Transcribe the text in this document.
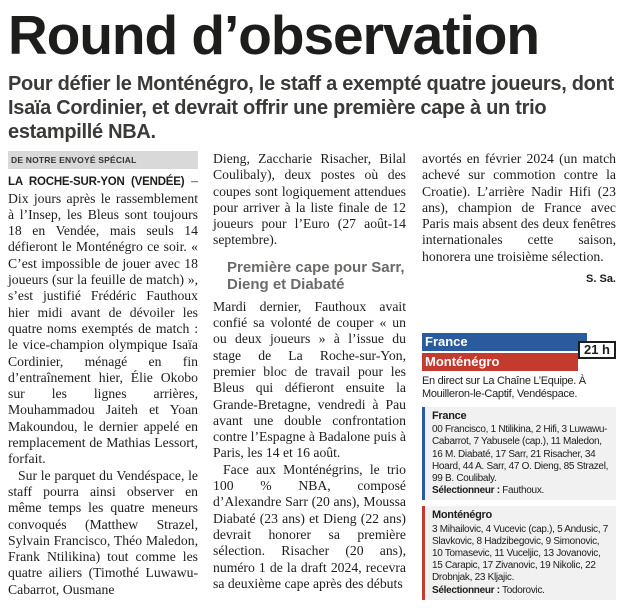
Round d’observation

Pour défier le Monténégro, le staff a exempté quatre joueurs, dont Isaïa Cordinier, et devrait offrir une première cape à un trio estampillé NBA.

DE NOTRE ENVOYÉ SPÉCIAL

LA ROCHE-SUR-YON (VENDÉE) – Dix jours après le rassemblement à l’Insep, les Bleus sont toujours 18 en Vendée, mais seuls 14 défieront le Monténégro ce soir. « C’est impossible de jouer avec 18 joueurs (sur la feuille de match) », s’est justifié Frédéric Fauthoux hier midi avant de dévoiler les quatre noms exemptés de match : le vice-champion olympique Isaïa Cordinier, ménagé en fin d’entraînement hier, Élie Okobo sur les lignes arrières, Mouhammadou Jaiteh et Yoan Makoundou, le dernier appelé en remplacement de Mathias Lessort, forfait.

Sur le parquet du Vendéspace, le staff pourra ainsi observer en même temps les quatre meneurs convoqués (Matthew Strazel, Sylvain Francisco, Théo Maledon, Frank Ntilikina) tout comme les quatre ailiers (Timothé Luwawu-Cabarrot, Ousmane

Dieng, Zaccharie Risacher, Bilal Coulibaly), deux postes où des coupes sont logiquement attendues pour arriver à la liste finale de 12 joueurs pour l’Euro (27 août-14 septembre).

Première cape pour Sarr, Dieng et Diabaté

Mardi dernier, Fauthoux avait confié sa volonté de couper « un ou deux joueurs » à l’issue du stage de La Roche-sur-Yon, premier bloc de travail pour les Bleus qui défieront ensuite la Grande-Bretagne, vendredi à Pau avant une double confrontation contre l’Espagne à Badalone puis à Paris, les 14 et 16 août.

Face aux Monténégrins, le trio 100 % NBA, composé d’Alexandre Sarr (20 ans), Moussa Diabaté (23 ans) et Dieng (22 ans) devrait honorer sa première sélection. Risacher (20 ans), numéro 1 de la draft 2024, recevra sa deuxième cape après des débuts

avortés en février 2024 (un match achevé sur commotion contre la Croatie). L’arrière Nadir Hifi (23 ans), champion de France avec Paris mais absent des deux fenêtres internationales cette saison, honorera une troisième sélection.

S. Sa.
France
Monténégro
21 h
En direct sur La Chaîne L’Equipe. À Mouilleron-le-Captif, Vendéspace.
France
00 Francisco, 1 Ntilikina, 2 Hifi, 3 Luwawu-Cabarrot, 7 Yabusele (cap.), 11 Maledon, 16 M. Diabaté, 17 Sarr, 21 Risacher, 34 Hoard, 44 A. Sarr, 47 O. Dieng, 85 Strazel, 99 B. Coulibaly.
Sélectionneur : Fauthoux.
Monténégro
3 Mihailovic, 4 Vucevic (cap.), 5 Andusic, 7 Slavkovic, 8 Hadzibegovic, 9 Simonovic, 10 Tomasevic, 11 Vuceljic, 13 Jovanovic, 15 Carapic, 17 Zivanovic, 19 Nikolic, 22 Drobnjak, 23 Kljajic.
Sélectionneur : Todorovic.
